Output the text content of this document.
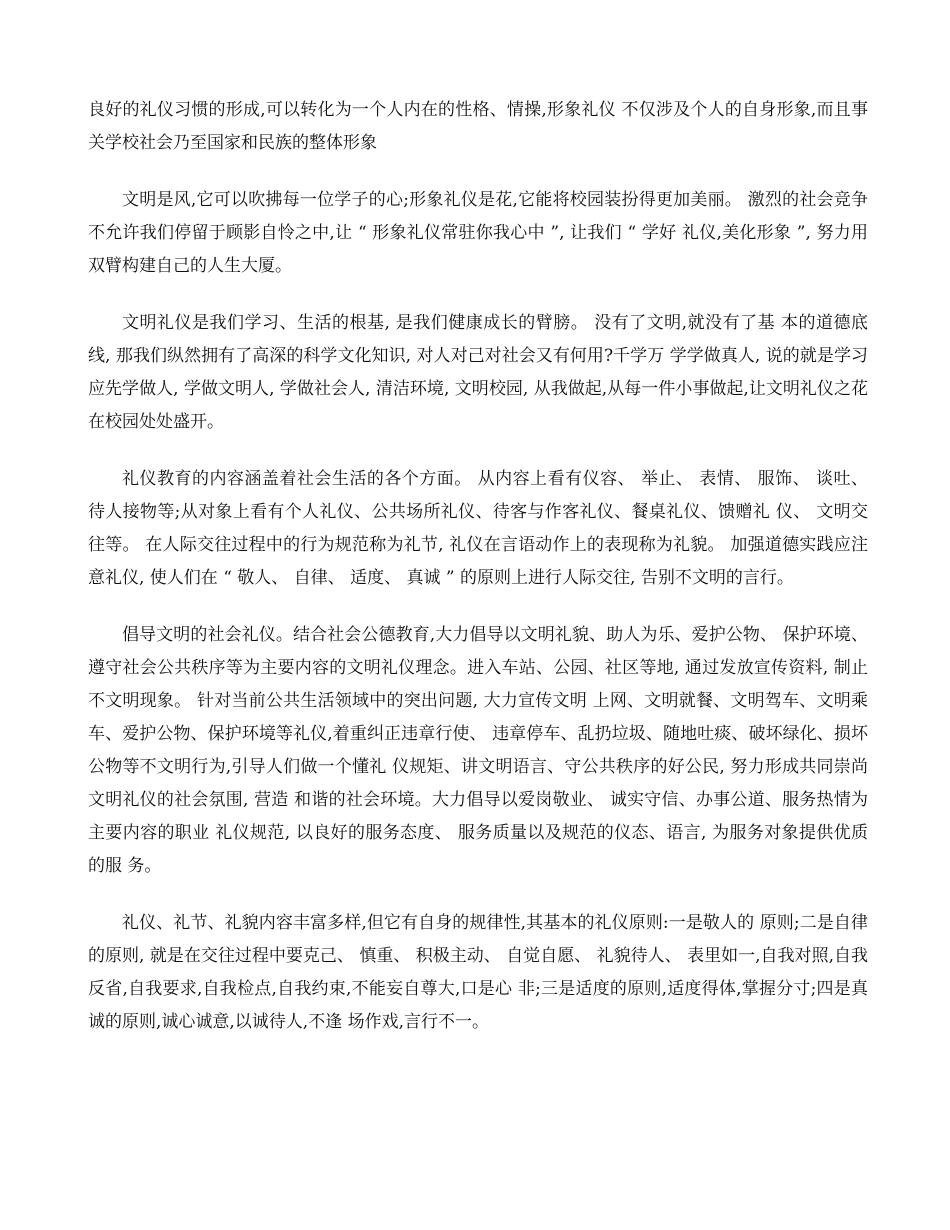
良好的礼仪习惯的形成,可以转化为一个人内在的性格、情操,形象礼仪 不仅涉及个人的自身形象,而且事关学校社会乃至国家和民族的整体形象

文明是风,它可以吹拂每一位学子的心;形象礼仪是花,它能将校园装扮得更加美丽。 激烈的社会竞争不允许我们停留于顾影自怜之中,让 “ 形象礼仪常驻你我心中 ”, 让我们 “ 学好 礼仪,美化形象 ”, 努力用双臂构建自己的人生大厦。

文明礼仪是我们学习、生活的根基, 是我们健康成长的臂膀。 没有了文明,就没有了基 本的道德底线, 那我们纵然拥有了高深的科学文化知识, 对人对己对社会又有何用?千学万 学学做真人, 说的就是学习应先学做人, 学做文明人, 学做社会人, 清洁环境, 文明校园, 从我做起,从每一件小事做起,让文明礼仪之花在校园处处盛开。

礼仪教育的内容涵盖着社会生活的各个方面。 从内容上看有仪容、 举止、 表情、 服饰、 谈吐、 待人接物等;从对象上看有个人礼仪、公共场所礼仪、待客与作客礼仪、餐桌礼仪、馈赠礼 仪、 文明交往等。 在人际交往过程中的行为规范称为礼节, 礼仪在言语动作上的表现称为礼貌。 加强道德实践应注意礼仪, 使人们在 “ 敬人、 自律、 适度、 真诚 ” 的原则上进行人际交往, 告别不文明的言行。

倡导文明的社会礼仪。结合社会公德教育,大力倡导以文明礼貌、助人为乐、爱护公物、 保护环境、遵守社会公共秩序等为主要内容的文明礼仪理念。进入车站、公园、社区等地, 通过发放宣传资料, 制止不文明现象。 针对当前公共生活领域中的突出问题, 大力宣传文明 上网、文明就餐、文明驾车、文明乘车、爱护公物、保护环境等礼仪,着重纠正违章行使、 违章停车、乱扔垃圾、随地吐痰、破坏绿化、损坏公物等不文明行为,引导人们做一个懂礼 仪规矩、讲文明语言、守公共秩序的好公民, 努力形成共同崇尚文明礼仪的社会氛围, 营造 和谐的社会环境。大力倡导以爱岗敬业、 诚实守信、办事公道、服务热情为主要内容的职业 礼仪规范, 以良好的服务态度、 服务质量以及规范的仪态、语言, 为服务对象提供优质的服 务。

礼仪、礼节、礼貌内容丰富多样,但它有自身的规律性,其基本的礼仪原则:一是敬人的 原则;二是自律的原则, 就是在交往过程中要克己、 慎重、 积极主动、 自觉自愿、 礼貌待人、 表里如一,自我对照,自我反省,自我要求,自我检点,自我约束,不能妄自尊大,口是心 非;三是适度的原则,适度得体,掌握分寸;四是真诚的原则,诚心诚意,以诚待人,不逢 场作戏,言行不一。
